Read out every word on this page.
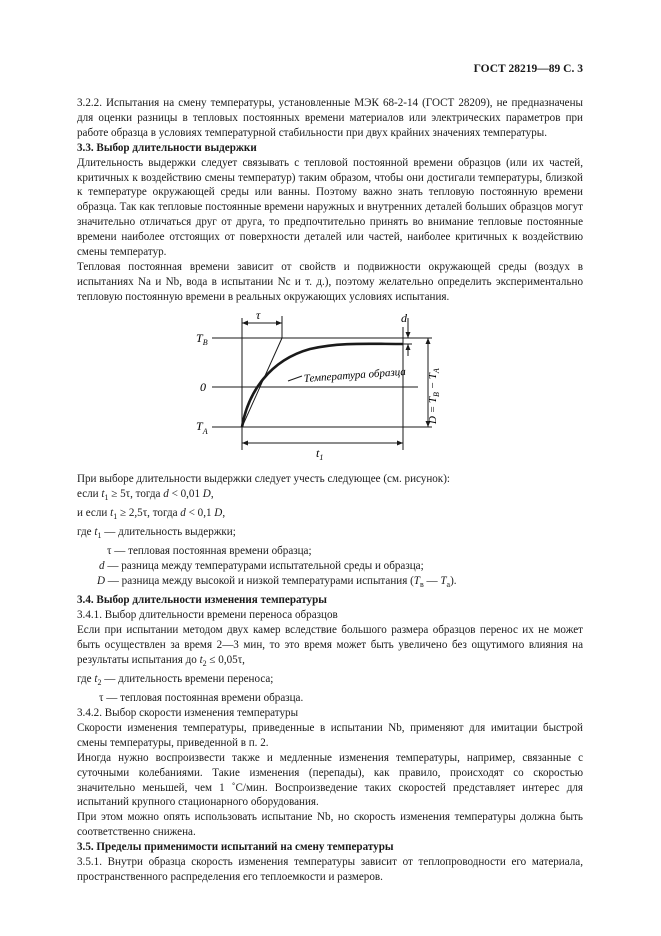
ГОСТ 28219—89 С. 3

3.2.2. Испытания на смену температуры, установленные МЭК 68-2-14 (ГОСТ 28209), не предназначены для оценки разницы в тепловых постоянных времени материалов или электрических параметров при работе образца в условиях температурной стабильности при двух крайних значениях температуры.

3.3. Выбор длительности выдержки

Длительность выдержки следует связывать с тепловой постоянной времени образцов (или их частей, критичных к воздействию смены температур) таким образом, чтобы они достигали температуры, близкой к температуре окружающей среды или ванны. Поэтому важно знать тепловую постоянную времени образца. Так как тепловые постоянные времени наружных и внутренних деталей больших образцов могут значительно отличаться друг от друга, то предпочтительно принять во внимание тепловые постоянные времени наиболее отстоящих от поверхности деталей или частей, наиболее критичных к воздействию смены температур.

Тепловая постоянная времени зависит от свойств и подвижности окружающей среды (воздух в испытаниях Na и Nb, вода в испытании Nc и т. д.), поэтому желательно определить экспериментально тепловую постоянную времени в реальных окружающих условиях испытания.

$T_B$
0
$T_A$
τ	d
$t_1$
Температура образца
$D = T_B - T_A$

При выборе длительности выдержки следует учесть следующее (см. рисунок):

если $t_1 \ge 5\tau$, тогда d < 0,01 D,

и если $t_1 \ge 2,5\tau$, тогда d < 0,1 D,

где $t_1$ — длительность выдержки;

τ — тепловая постоянная времени образца;

d — разница между температурами испытательной среды и образца;

D — разница между высокой и низкой температурами испытания ($T_в$ — $T_а$).

3.4. Выбор длительности изменения температуры

3.4.1. Выбор длительности времени переноса образцов

Если при испытании методом двух камер вследствие большого размера образцов перенос их не может быть осуществлен за время 2—3 мин, то это время может быть увеличено без ощутимого влияния на результаты испытания до $t_2 \le 0,05\tau$,

где $t_2$ — длительность времени переноса;

τ — тепловая постоянная времени образца.

3.4.2. Выбор скорости изменения температуры

Скорости изменения температуры, приведенные в испытании Nb, применяют для имитации быстрой смены температуры, приведенной в п. 2.

Иногда нужно воспроизвести также и медленные изменения температуры, например, связанные с суточными колебаниями. Такие изменения (перепады), как правило, происходят со скоростью значительно меньшей, чем 1 ˚С/мин. Воспроизведение таких скоростей представляет интерес для испытаний крупного стационарного оборудования.

При этом можно опять использовать испытание Nb, но скорость изменения температуры должна быть соответственно снижена.

3.5. Пределы применимости испытаний на смену температуры

3.5.1. Внутри образца скорость изменения температуры зависит от теплопроводности его материала, пространственного распределения его теплоемкости и размеров.
